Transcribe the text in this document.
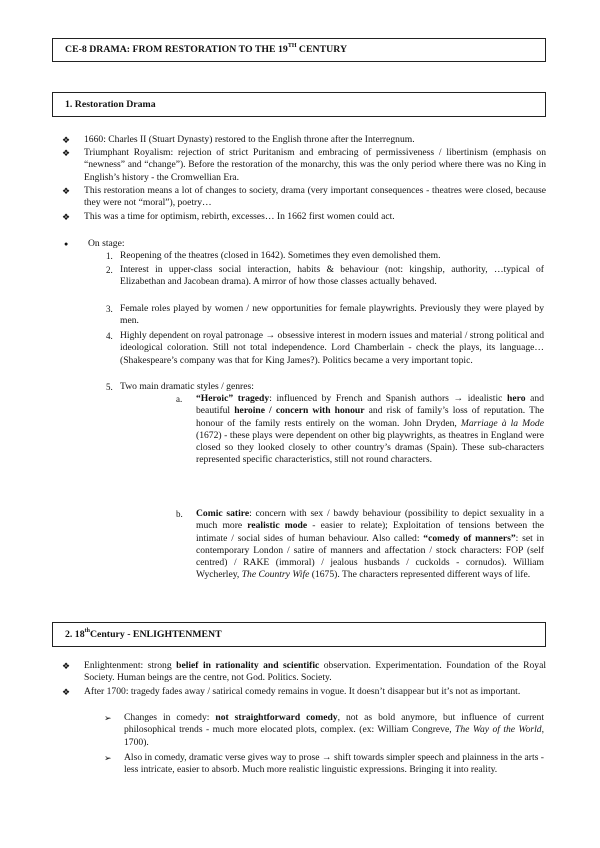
CE-8 DRAMA: FROM RESTORATION TO THE 19TH CENTURY
1. Restoration Drama
❖ 1660: Charles II (Stuart Dynasty) restored to the English throne after the Interregnum.
❖ Triumphant Royalism: rejection of strict Puritanism and embracing of permissiveness / libertinism (emphasis on “newness” and “change”). Before the restoration of the monarchy, this was the only period where there was no King in English’s history - the Cromwellian Era.
❖ This restoration means a lot of changes to society, drama (very important consequences - theatres were closed, because they were not “moral”), poetry…
❖ This was a time for optimism, rebirth, excesses… In 1662 first women could act.
● On stage:
1. Reopening of the theatres (closed in 1642). Sometimes they even demolished them.
2. Interest in upper-class social interaction, habits & behaviour (not: kingship, authority, …typical of Elizabethan and Jacobean drama). A mirror of how those classes actually behaved.
3. Female roles played by women / new opportunities for female playwrights. Previously they were played by men.
4. Highly dependent on royal patronage → obsessive interest in modern issues and material / strong political and ideological coloration. Still not total independence. Lord Chamberlain - check the plays, its language… (Shakespeare’s company was that for King James?). Politics became a very important topic.
5. Two main dramatic styles / genres:
a. “Heroic” tragedy: influenced by French and Spanish authors → idealistic hero and beautiful heroine / concern with honour and risk of family’s loss of reputation. The honour of the family rests entirely on the woman. John Dryden, Marriage à la Mode (1672) - these plays were dependent on other big playwrights, as theatres in England were closed so they looked closely to other country’s dramas (Spain). These sub-characters represented specific characteristics, still not round characters.
b. Comic satire: concern with sex / bawdy behaviour (possibility to depict sexuality in a much more realistic mode - easier to relate); Exploitation of tensions between the intimate / social sides of human behaviour. Also called: “comedy of manners”: set in contemporary London / satire of manners and affectation / stock characters: FOP (self centred) / RAKE (immoral) / jealous husbands / cuckolds - cornudos). William Wycherley, The Country Wife (1675). The characters represented different ways of life.
2. 18thCentury - ENLIGHTENMENT
❖ Enlightenment: strong belief in rationality and scientific observation. Experimentation. Foundation of the Royal Society. Human beings are the centre, not God. Politics. Society.
❖ After 1700: tragedy fades away / satirical comedy remains in vogue. It doesn’t disappear but it’s not as important.
➢ Changes in comedy: not straightforward comedy, not as bold anymore, but influence of current philosophical trends - much more elocated plots, complex. (ex: William Congreve, The Way of the World, 1700).
➢ Also in comedy, dramatic verse gives way to prose → shift towards simpler speech and plainness in the arts - less intricate, easier to absorb. Much more realistic linguistic expressions. Bringing it into reality.
